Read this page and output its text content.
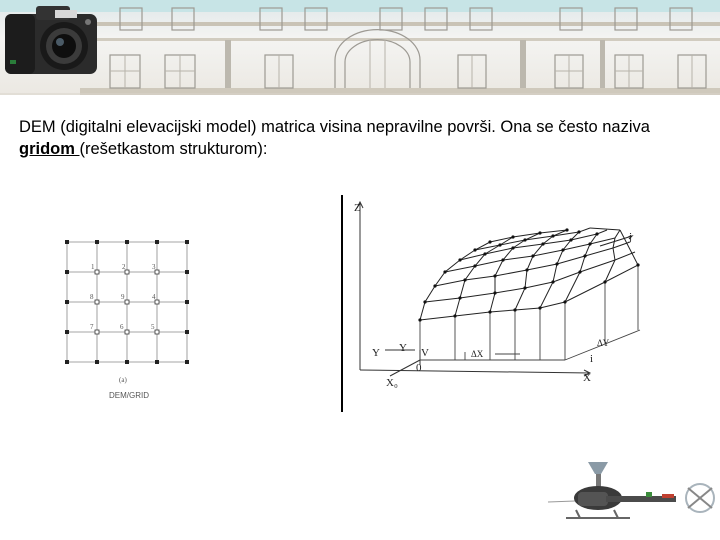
DEM (digitalni elevacijski model) matrica visina nepravilne površi. Ona se često naziva gridom (rešetkastom strukturom):
1	2	3
8	9	4
7	6	5
(a)
DEM/GRID
Z
X
Y Y
X₀
0
j
i
V	ΔX
ΔY
